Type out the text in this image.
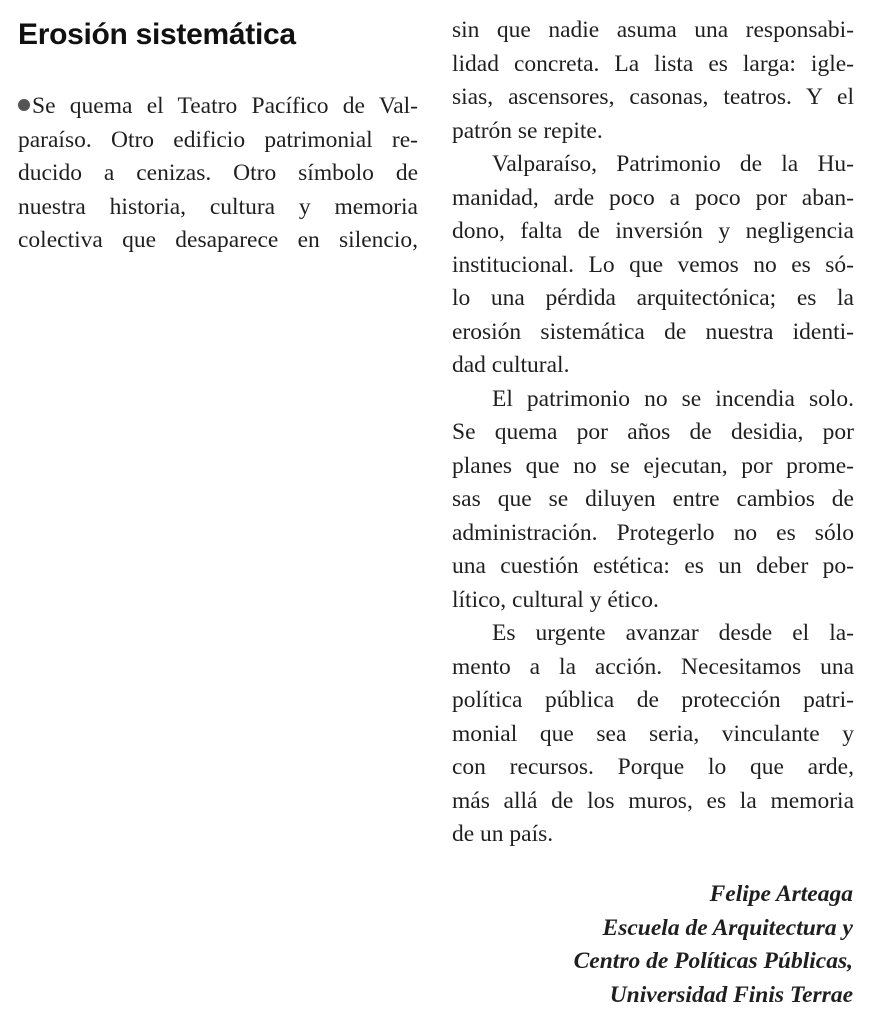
Erosión sistemática
Se quema el Teatro Pacífico de Val-
paraíso. Otro edificio patrimonial re-
ducido a cenizas. Otro símbolo de
nuestra historia, cultura y memoria
colectiva que desaparece en silencio,
sin que nadie asuma una responsabi-
lidad concreta. La lista es larga: igle-
sias, ascensores, casonas, teatros. Y el
patrón se repite.
Valparaíso, Patrimonio de la Hu-
manidad, arde poco a poco por aban-
dono, falta de inversión y negligencia
institucional. Lo que vemos no es só-
lo una pérdida arquitectónica; es la
erosión sistemática de nuestra identi-
dad cultural.
El patrimonio no se incendia solo.
Se quema por años de desidia, por
planes que no se ejecutan, por prome-
sas que se diluyen entre cambios de
administración. Protegerlo no es sólo
una cuestión estética: es un deber po-
lítico, cultural y ético.
Es urgente avanzar desde el la-
mento a la acción. Necesitamos una
política pública de protección patri-
monial que sea seria, vinculante y
con recursos. Porque lo que arde,
más allá de los muros, es la memoria
de un país.
Felipe Arteaga
Escuela de Arquitectura y
Centro de Políticas Públicas,
Universidad Finis Terrae
